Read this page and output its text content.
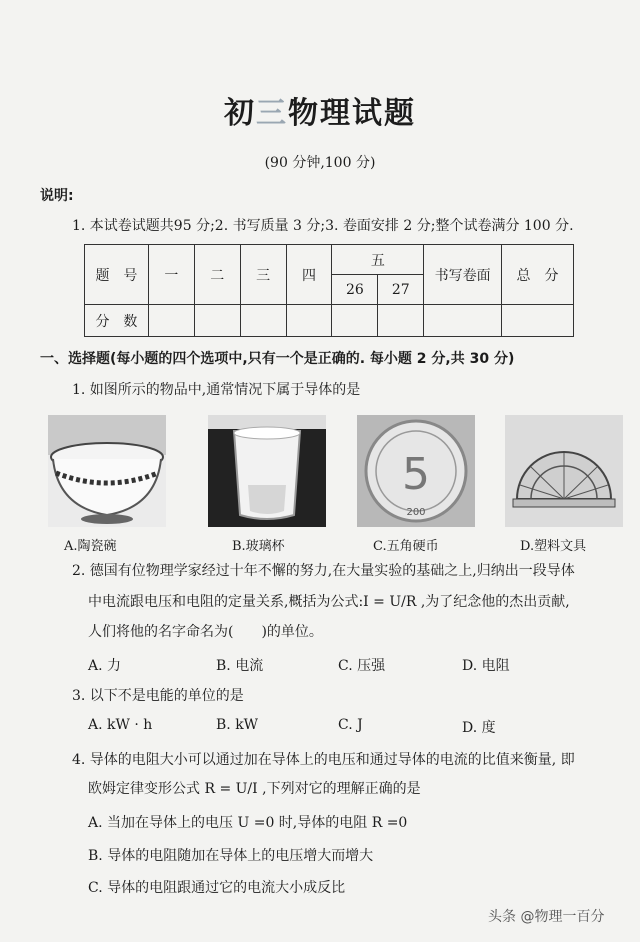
初三物理试题
(90 分钟,100 分)
说明:
1. 本试卷试题共95 分;2. 书写质量 3 分;3. 卷面安排 2 分;整个试卷满分 100 分.
题　号	一	二	三	四	五		书写卷面	总　分
					26	27		
分　数								
一、选择题(每小题的四个选项中,只有一个是正确的. 每小题 2 分,共 30 分)
1. 如图所示的物品中,通常情况下属于导体的是
A.陶瓷碗	B.玻璃杯
5
200
C.五角硬币	D.塑料文具
2. 德国有位物理学家经过十年不懈的努力,在大量实验的基础之上,归纳出一段导体
中电流跟电压和电阻的定量关系,概括为公式:I = U/R ,为了纪念他的杰出贡献,
人们将他的名字命名为(　　)的单位。
A. 力	B. 电流	C. 压强	D. 电阻
3. 以下不是电能的单位的是
A. kW · h	B. kW	C. J	D. 度
4. 导体的电阻大小可以通过加在导体上的电压和通过导体的电流的比值来衡量, 即
欧姆定律变形公式 R = U/I ,下列对它的理解正确的是
A. 当加在导体上的电压 U =0 时,导体的电阻 R =0
B. 导体的电阻随加在导体上的电压增大而增大
C. 导体的电阻跟通过它的电流大小成反比
头条 @物理一百分
